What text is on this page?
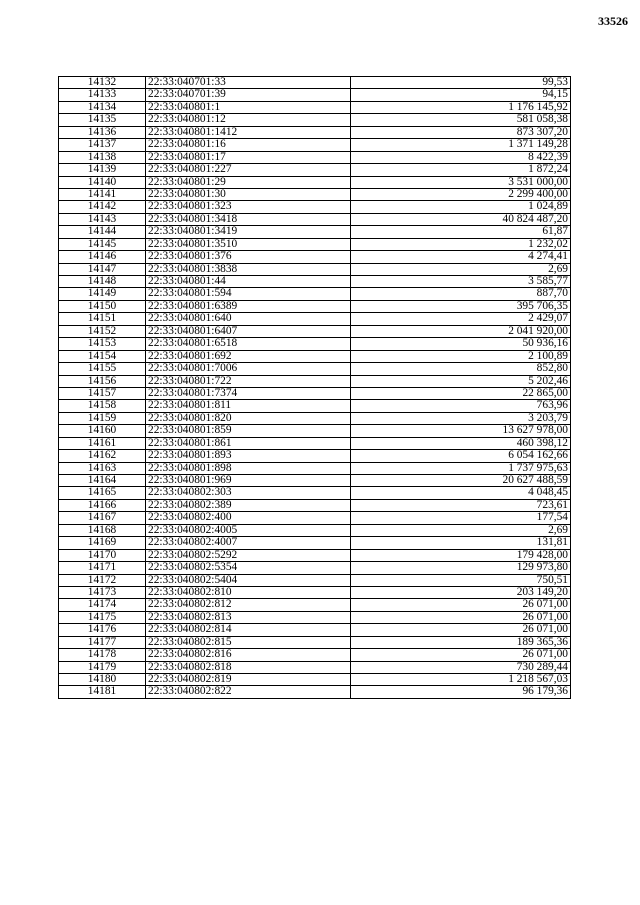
33526
14132	22:33:040701:33	99,53
14133	22:33:040701:39	94,15
14134	22:33:040801:1	1 176 145,92
14135	22:33:040801:12	581 058,38
14136	22:33:040801:1412	873 307,20
14137	22:33:040801:16	1 371 149,28
14138	22:33:040801:17	8 422,39
14139	22:33:040801:227	1 872,24
14140	22:33:040801:29	3 531 000,00
14141	22:33:040801:30	2 299 400,00
14142	22:33:040801:323	1 024,89
14143	22:33:040801:3418	40 824 487,20
14144	22:33:040801:3419	61,87
14145	22:33:040801:3510	1 232,02
14146	22:33:040801:376	4 274,41
14147	22:33:040801:3838	2,69
14148	22:33:040801:44	3 585,77
14149	22:33:040801:594	887,70
14150	22:33:040801:6389	395 706,35
14151	22:33:040801:640	2 429,07
14152	22:33:040801:6407	2 041 920,00
14153	22:33:040801:6518	50 936,16
14154	22:33:040801:692	2 100,89
14155	22:33:040801:7006	852,80
14156	22:33:040801:722	5 202,46
14157	22:33:040801:7374	22 865,00
14158	22:33:040801:811	763,96
14159	22:33:040801:820	3 203,79
14160	22:33:040801:859	13 627 978,00
14161	22:33:040801:861	460 398,12
14162	22:33:040801:893	6 054 162,66
14163	22:33:040801:898	1 737 975,63
14164	22:33:040801:969	20 627 488,59
14165	22:33:040802:303	4 048,45
14166	22:33:040802:389	723,61
14167	22:33:040802:400	177,54
14168	22:33:040802:4005	2,69
14169	22:33:040802:4007	131,81
14170	22:33:040802:5292	179 428,00
14171	22:33:040802:5354	129 973,80
14172	22:33:040802:5404	750,51
14173	22:33:040802:810	203 149,20
14174	22:33:040802:812	26 071,00
14175	22:33:040802:813	26 071,00
14176	22:33:040802:814	26 071,00
14177	22:33:040802:815	189 365,36
14178	22:33:040802:816	26 071,00
14179	22:33:040802:818	730 289,44
14180	22:33:040802:819	1 218 567,03
14181	22:33:040802:822	96 179,36
